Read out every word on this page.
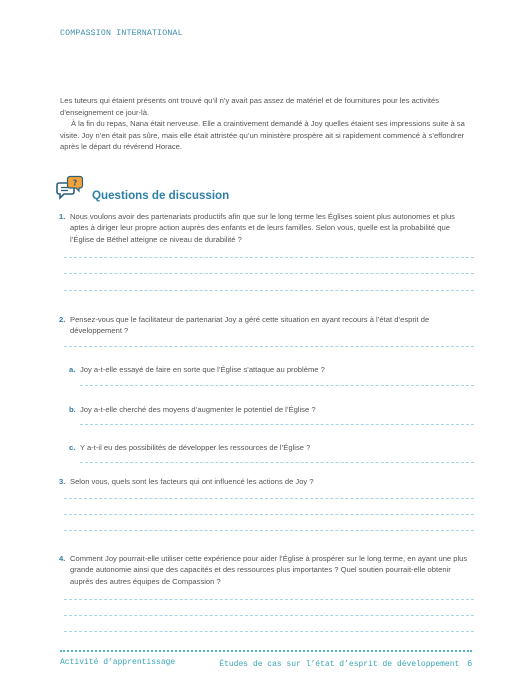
COMPASSION INTERNATIONAL

Les tuteurs qui étaient présents ont trouvé qu’il n’y avait pas assez de matériel et de fournitures pour les activités d’enseignement ce jour-là.

À la fin du repas, Nana était nerveuse. Elle a craintivement demandé à Joy quelles étaient ses impressions suite à sa visite. Joy n’en était pas sûre, mais elle était attristée qu’un ministère prospère ait si rapidement commencé à s’effondrer après le départ du révérend Horace.

?
Questions de discussion
1. Nous voulons avoir des partenariats productifs afin que sur le long terme les Églises soient plus autonomes et plus aptes à diriger leur propre action auprès des enfants et de leurs familles. Selon vous, quelle est la probabilité que l’Église de Béthel atteigne ce niveau de durabilité ?
2. Pensez-vous que le facilitateur de partenariat Joy a géré cette situation en ayant recours à l’état d’esprit de développement ?
a. Joy a-t-elle essayé de faire en sorte que l’Église s’attaque au problème ?
b. Joy a-t-elle cherché des moyens d’augmenter le potentiel de l’Église ?
c. Y a-t-il eu des possibilités de développer les ressources de l’Église ?
3. Selon vous, quels sont les facteurs qui ont influencé les actions de Joy ?
4. Comment Joy pourrait-elle utiliser cette expérience pour aider l’Église à prospérer sur le long terme, en ayant une plus grande autonomie ainsi que des capacités et des ressources plus importantes ? Quel soutien pourrait-elle obtenir auprès des autres équipes de Compassion ?
Activité d’apprentissage	Études de cas sur l’état d’esprit de développement 6
